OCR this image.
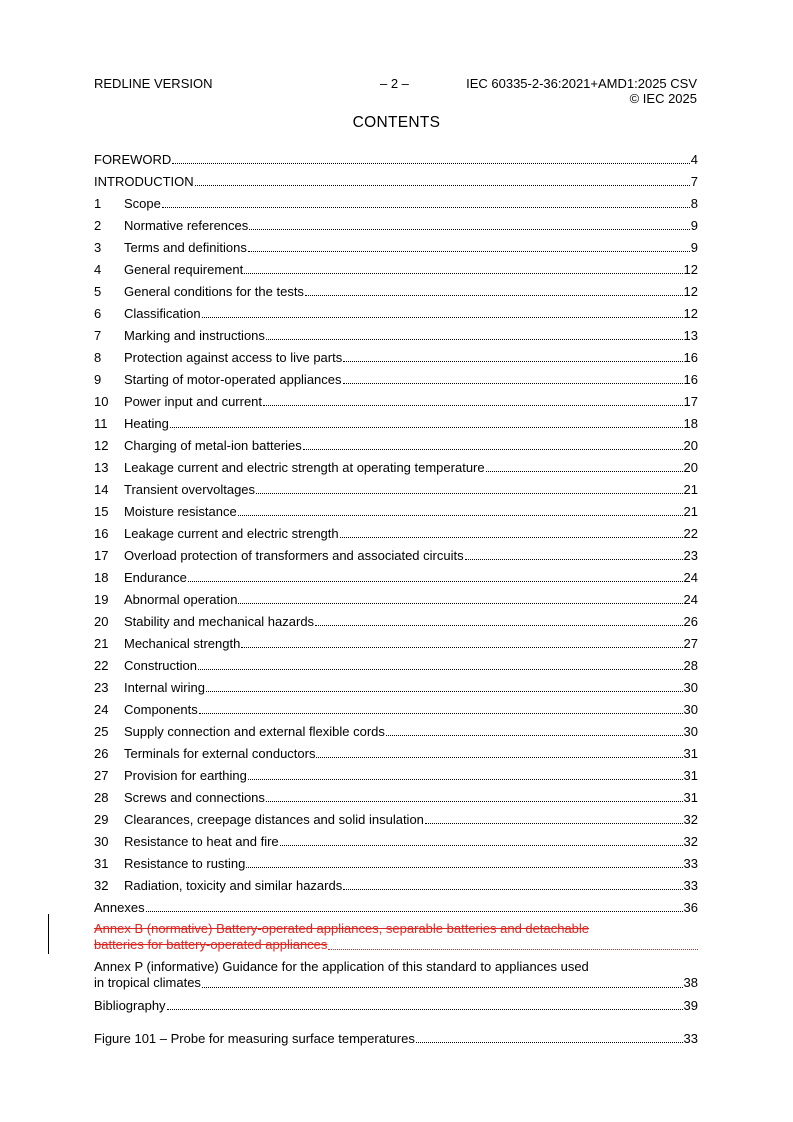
REDLINE VERSION	– 2 –	IEC 60335-2-36:2021+AMD1:2025 CSV
© IEC 2025
CONTENTS
FOREWORD	4
INTRODUCTION	7
1	Scope	8
2	Normative references	9
3	Terms and definitions	9
4	General requirement	12
5	General conditions for the tests	12
6	Classification	12
7	Marking and instructions	13
8	Protection against access to live parts	16
9	Starting of motor-operated appliances	16
10	Power input and current	17
11	Heating	18
12	Charging of metal-ion batteries	20
13	Leakage current and electric strength at operating temperature	20
14	Transient overvoltages	21
15	Moisture resistance	21
16	Leakage current and electric strength	22
17	Overload protection of transformers and associated circuits	23
18	Endurance	24
19	Abnormal operation	24
20	Stability and mechanical hazards	26
21	Mechanical strength	27
22	Construction	28
23	Internal wiring	30
24	Components	30
25	Supply connection and external flexible cords	30
26	Terminals for external conductors	31
27	Provision for earthing	31
28	Screws and connections	31
29	Clearances, creepage distances and solid insulation	32
30	Resistance to heat and fire	32
31	Resistance to rusting	33
32	Radiation, toxicity and similar hazards	33
Annexes	36
Annex B (normative) Battery-operated appliances, separable batteries and detachable
batteries for battery-operated appliances
Annex P (informative) Guidance for the application of this standard to appliances used
in tropical climates	38
Bibliography	39
Figure 101 – Probe for measuring surface temperatures	33
